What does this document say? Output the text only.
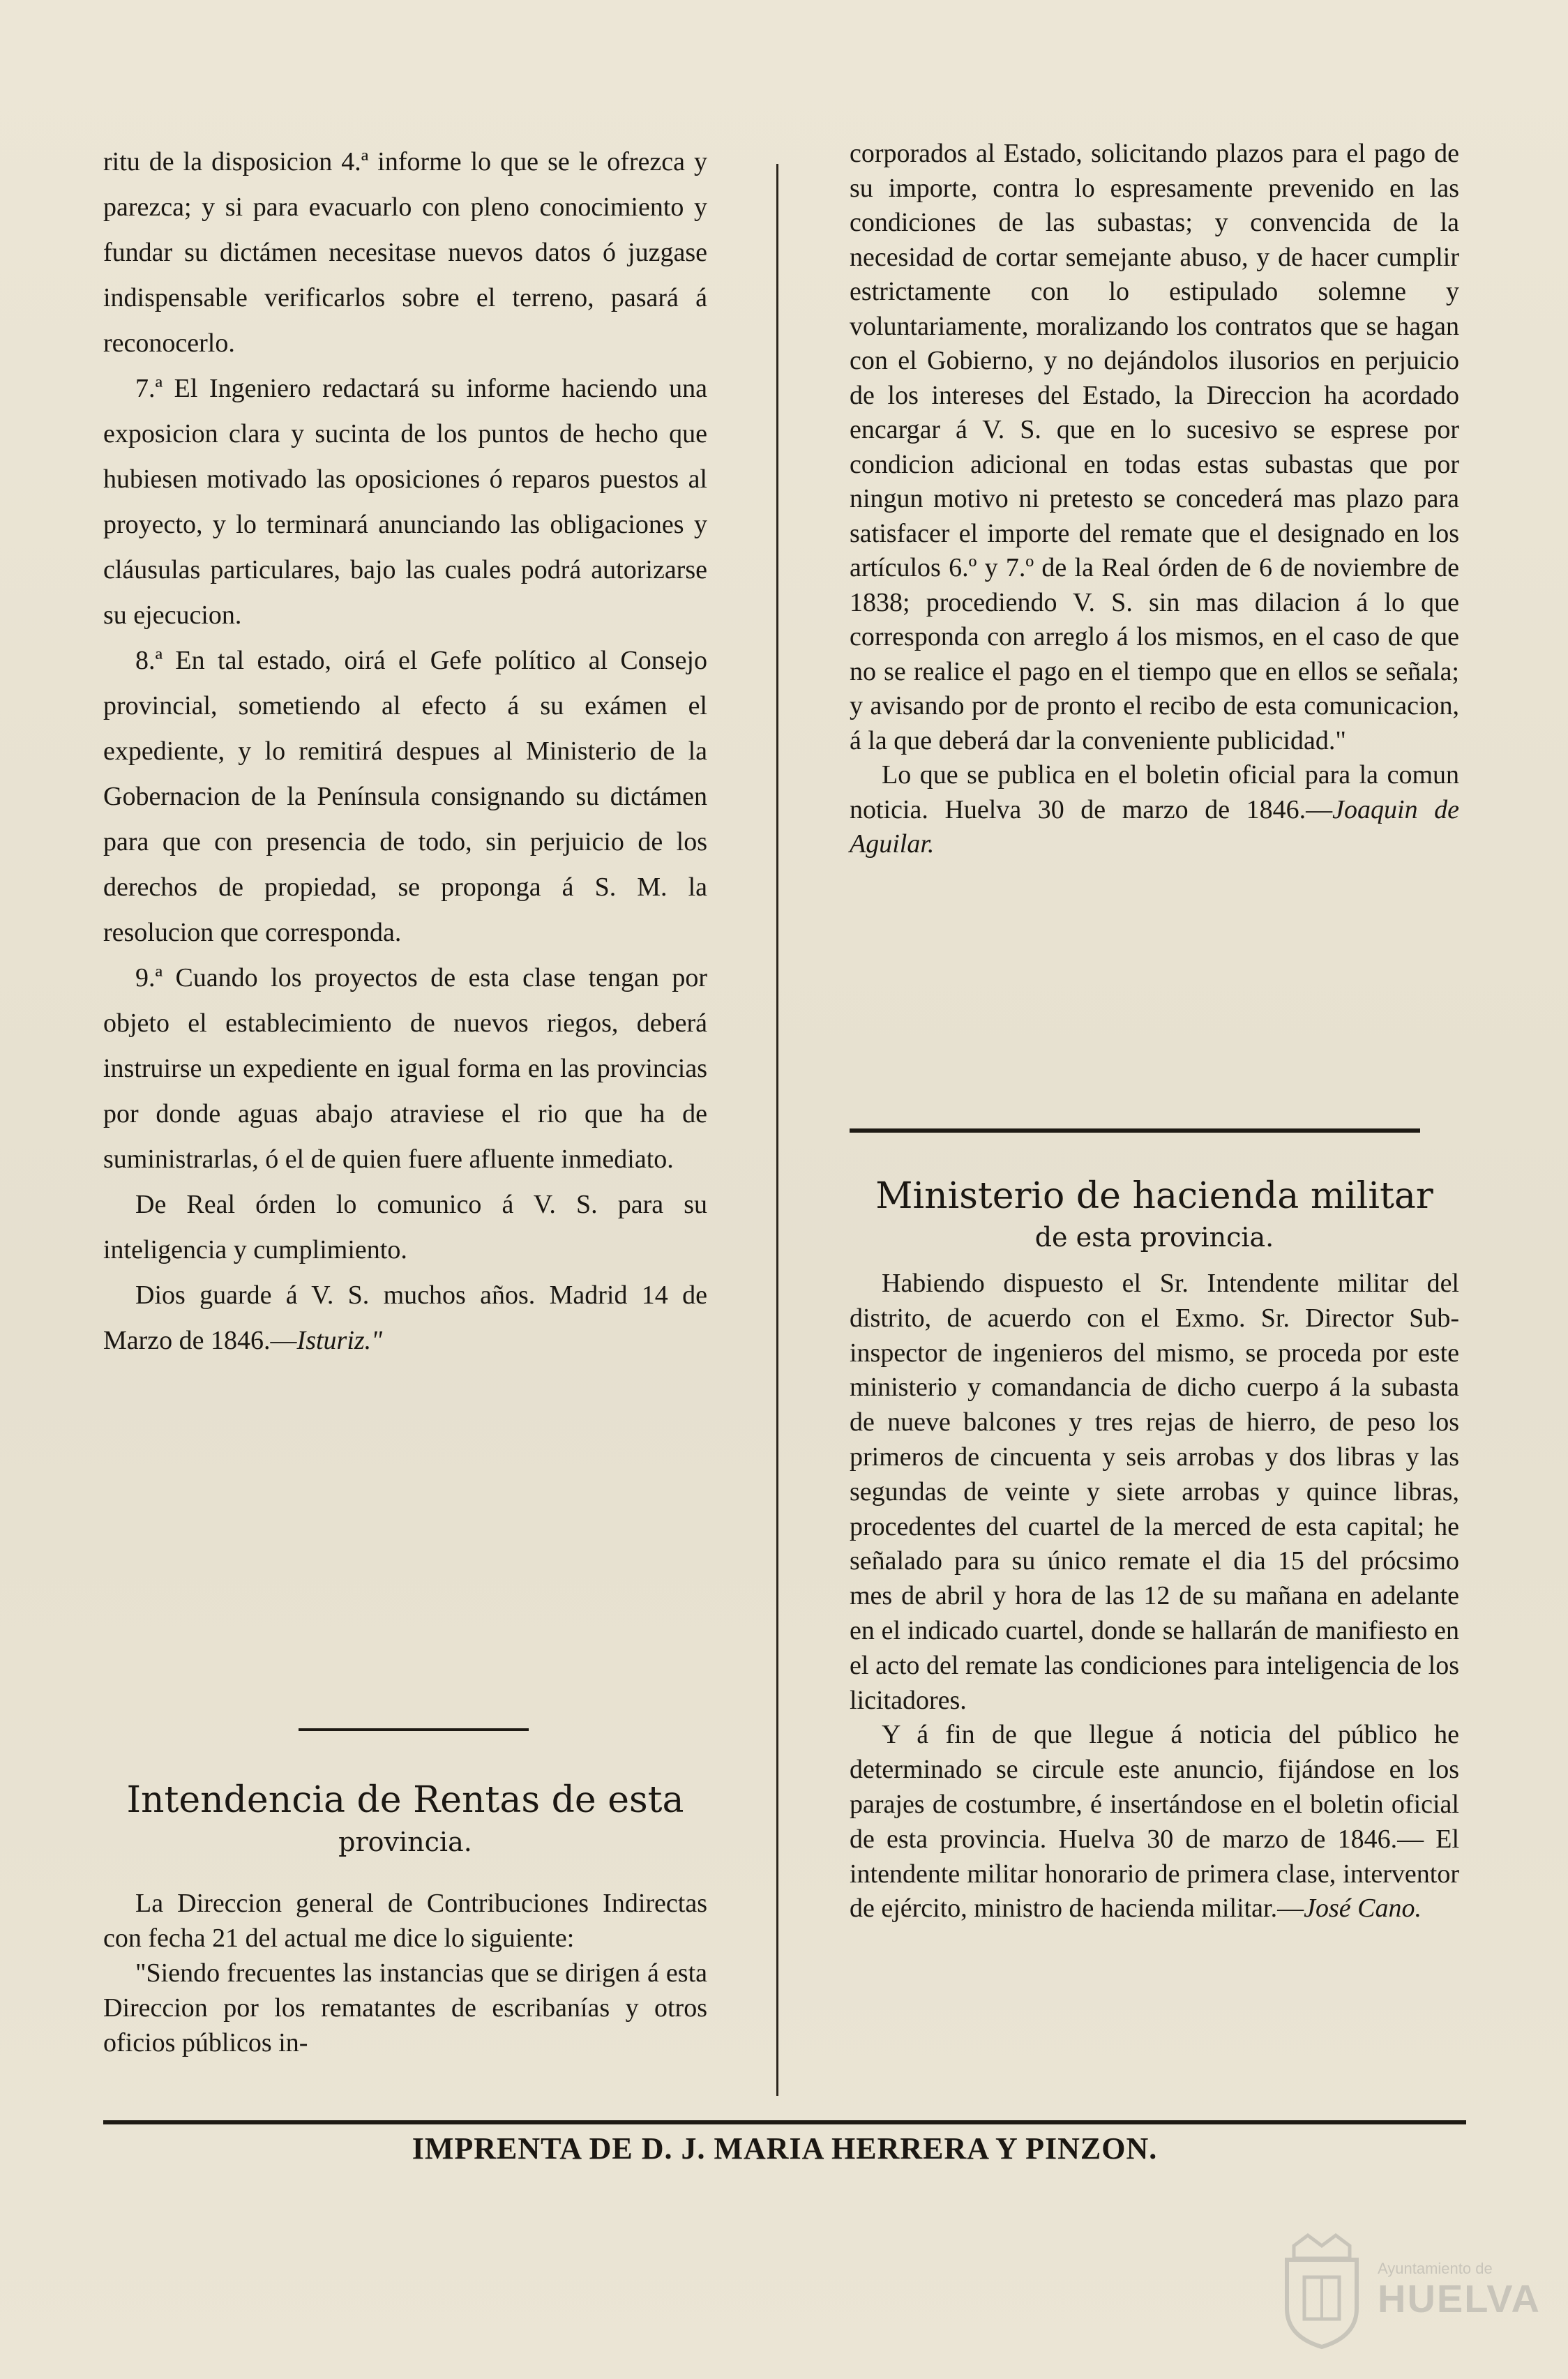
ritu de la disposicion 4.ª informe lo que se le ofrezca y parezca; y si para evacuarlo con pleno conocimiento y fundar su dictámen necesitase nuevos datos ó juzgase indispensable verificarlos sobre el terreno, pasará á reconocerlo.

7.ª El Ingeniero redactará su informe haciendo una exposicion clara y sucinta de los puntos de hecho que hubiesen motivado las oposiciones ó reparos puestos al proyecto, y lo terminará anunciando las obligaciones y cláusulas particulares, bajo las cuales podrá autorizarse su ejecucion.

8.ª En tal estado, oirá el Gefe político al Consejo provincial, sometiendo al efecto á su exámen el expediente, y lo remitirá despues al Ministerio de la Gobernacion de la Península consignando su dictámen para que con presencia de todo, sin perjuicio de los derechos de propiedad, se proponga á S. M. la resolucion que corresponda.

9.ª Cuando los proyectos de esta clase tengan por objeto el establecimiento de nuevos riegos, deberá instruirse un expediente en igual forma en las provincias por donde aguas abajo atraviese el rio que ha de suministrarlas, ó el de quien fuere afluente inmediato.

De Real órden lo comunico á V. S. para su inteligencia y cumplimiento.

Dios guarde á V. S. muchos años. Madrid 14 de Marzo de 1846.—Isturiz."

Intendencia de Rentas de esta

provincia.

La Direccion general de Contribuciones Indirectas con fecha 21 del actual me dice lo siguiente:

"Siendo frecuentes las instancias que se dirigen á esta Direccion por los rematantes de escribanías y otros oficios públicos in-

corporados al Estado, solicitando plazos para el pago de su importe, contra lo espresamente prevenido en las condiciones de las subastas; y convencida de la necesidad de cortar semejante abuso, y de hacer cumplir estrictamente con lo estipulado solemne y voluntariamente, moralizando los contratos que se hagan con el Gobierno, y no dejándolos ilusorios en perjuicio de los intereses del Estado, la Direccion ha acordado encargar á V. S. que en lo sucesivo se esprese por condicion adicional en todas estas subastas que por ningun motivo ni pretesto se concederá mas plazo para satisfacer el importe del remate que el designado en los artículos 6.º y 7.º de la Real órden de 6 de noviembre de 1838; procediendo V. S. sin mas dilacion á lo que corresponda con arreglo á los mismos, en el caso de que no se realice el pago en el tiempo que en ellos se señala; y avisando por de pronto el recibo de esta comunicacion, á la que deberá dar la conveniente publicidad."

Lo que se publica en el boletin oficial para la comun noticia. Huelva 30 de marzo de 1846.—Joaquin de Aguilar.

Ministerio de hacienda militar

de esta provincia.

Habiendo dispuesto el Sr. Intendente militar del distrito, de acuerdo con el Exmo. Sr. Director Sub-inspector de ingenieros del mismo, se proceda por este ministerio y comandancia de dicho cuerpo á la subasta de nueve balcones y tres rejas de hierro, de peso los primeros de cincuenta y seis arrobas y dos libras y las segundas de veinte y siete arrobas y quince libras, procedentes del cuartel de la merced de esta capital; he señalado para su único remate el dia 15 del prócsimo mes de abril y hora de las 12 de su mañana en adelante en el indicado cuartel, donde se hallarán de manifiesto en el acto del remate las condiciones para inteligencia de los licitadores.

Y á fin de que llegue á noticia del público he determinado se circule este anuncio, fijándose en los parajes de costumbre, é insertándose en el boletin oficial de esta provincia. Huelva 30 de marzo de 1846.— El intendente militar honorario de primera clase, interventor de ejército, ministro de hacienda militar.—José Cano.

IMPRENTA DE D. J. MARIA HERRERA Y PINZON.
Ayuntamiento de
HUELVA
